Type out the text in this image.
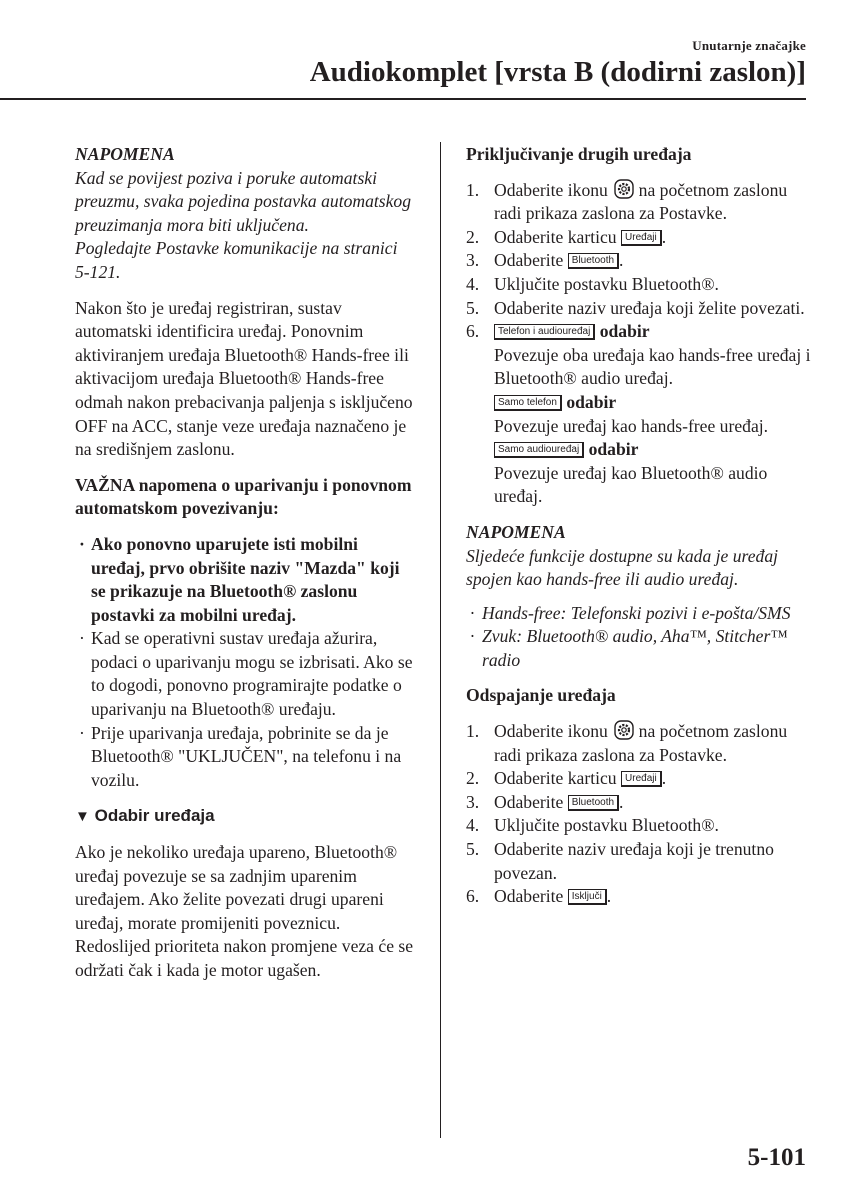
Unutarnje značajke
Audiokomplet [vrsta B (dodirni zaslon)]

NAPOMENA

Kad se povijest poziva i poruke automatski preuzmu, svaka pojedina postavka automatskog preuzimanja mora biti uključena.

Pogledajte Postavke komunikacije na stranici 5-121.

Nakon što je uređaj registriran, sustav automatski identificira uređaj. Ponovnim aktiviranjem uređaja Bluetooth® Hands-free ili aktivacijom uređaja Bluetooth® Hands-free odmah nakon prebacivanja paljenja s isključeno OFF na ACC, stanje veze uređaja naznačeno je na središnjem zaslonu.

VAŽNA napomena o uparivanju i ponovnom automatskom povezivanju:

· Ako ponovno uparujete isti mobilni uređaj, prvo obrišite naziv "Mazda" koji se prikazuje na Bluetooth® zaslonu postavki za mobilni uređaj.
· Kad se operativni sustav uređaja ažurira, podaci o uparivanju mogu se izbrisati. Ako se to dogodi, ponovno programirajte podatke o uparivanju na Bluetooth® uređaju.
· Prije uparivanja uređaja, pobrinite se da je Bluetooth® "UKLJUČEN", na telefonu i na vozilu.

▼ Odabir uređaja

Ako je nekoliko uređaja upareno, Bluetooth® uređaj povezuje se sa zadnjim uparenim uređajem. Ako želite povezati drugi upareni uređaj, morate promijeniti poveznicu. Redoslijed prioriteta nakon promjene veza će se održati čak i kada je motor ugašen.

Priključivanje drugih uređaja

1. Odaberite ikonu na početnom zaslonu radi prikaza zaslona za Postavke.
2. Odaberite karticu Uređaji .
3. Odaberite Bluetooth .
4. Uključite postavku Bluetooth®.
5. Odaberite naziv uređaja koji želite povezati.
6. Telefon i audiouređaj odabir
Povezuje oba uređaja kao hands-free uređaj i Bluetooth® audio uređaj.
Samo telefon odabir
Povezuje uređaj kao hands-free uređaj.
Samo audiouređaj odabir
Povezuje uređaj kao Bluetooth® audio uređaj.

NAPOMENA

Sljedeće funkcije dostupne su kada je uređaj spojen kao hands-free ili audio uređaj.

· Hands-free: Telefonski pozivi i e-pošta/SMS
· Zvuk: Bluetooth® audio, Aha™, Stitcher™ radio

Odspajanje uređaja

1. Odaberite ikonu na početnom zaslonu radi prikaza zaslona za Postavke.
2. Odaberite karticu Uređaji .
3. Odaberite Bluetooth .
4. Uključite postavku Bluetooth®.
5. Odaberite naziv uređaja koji je trenutno povezan.
6. Odaberite Isključi .
5-101
